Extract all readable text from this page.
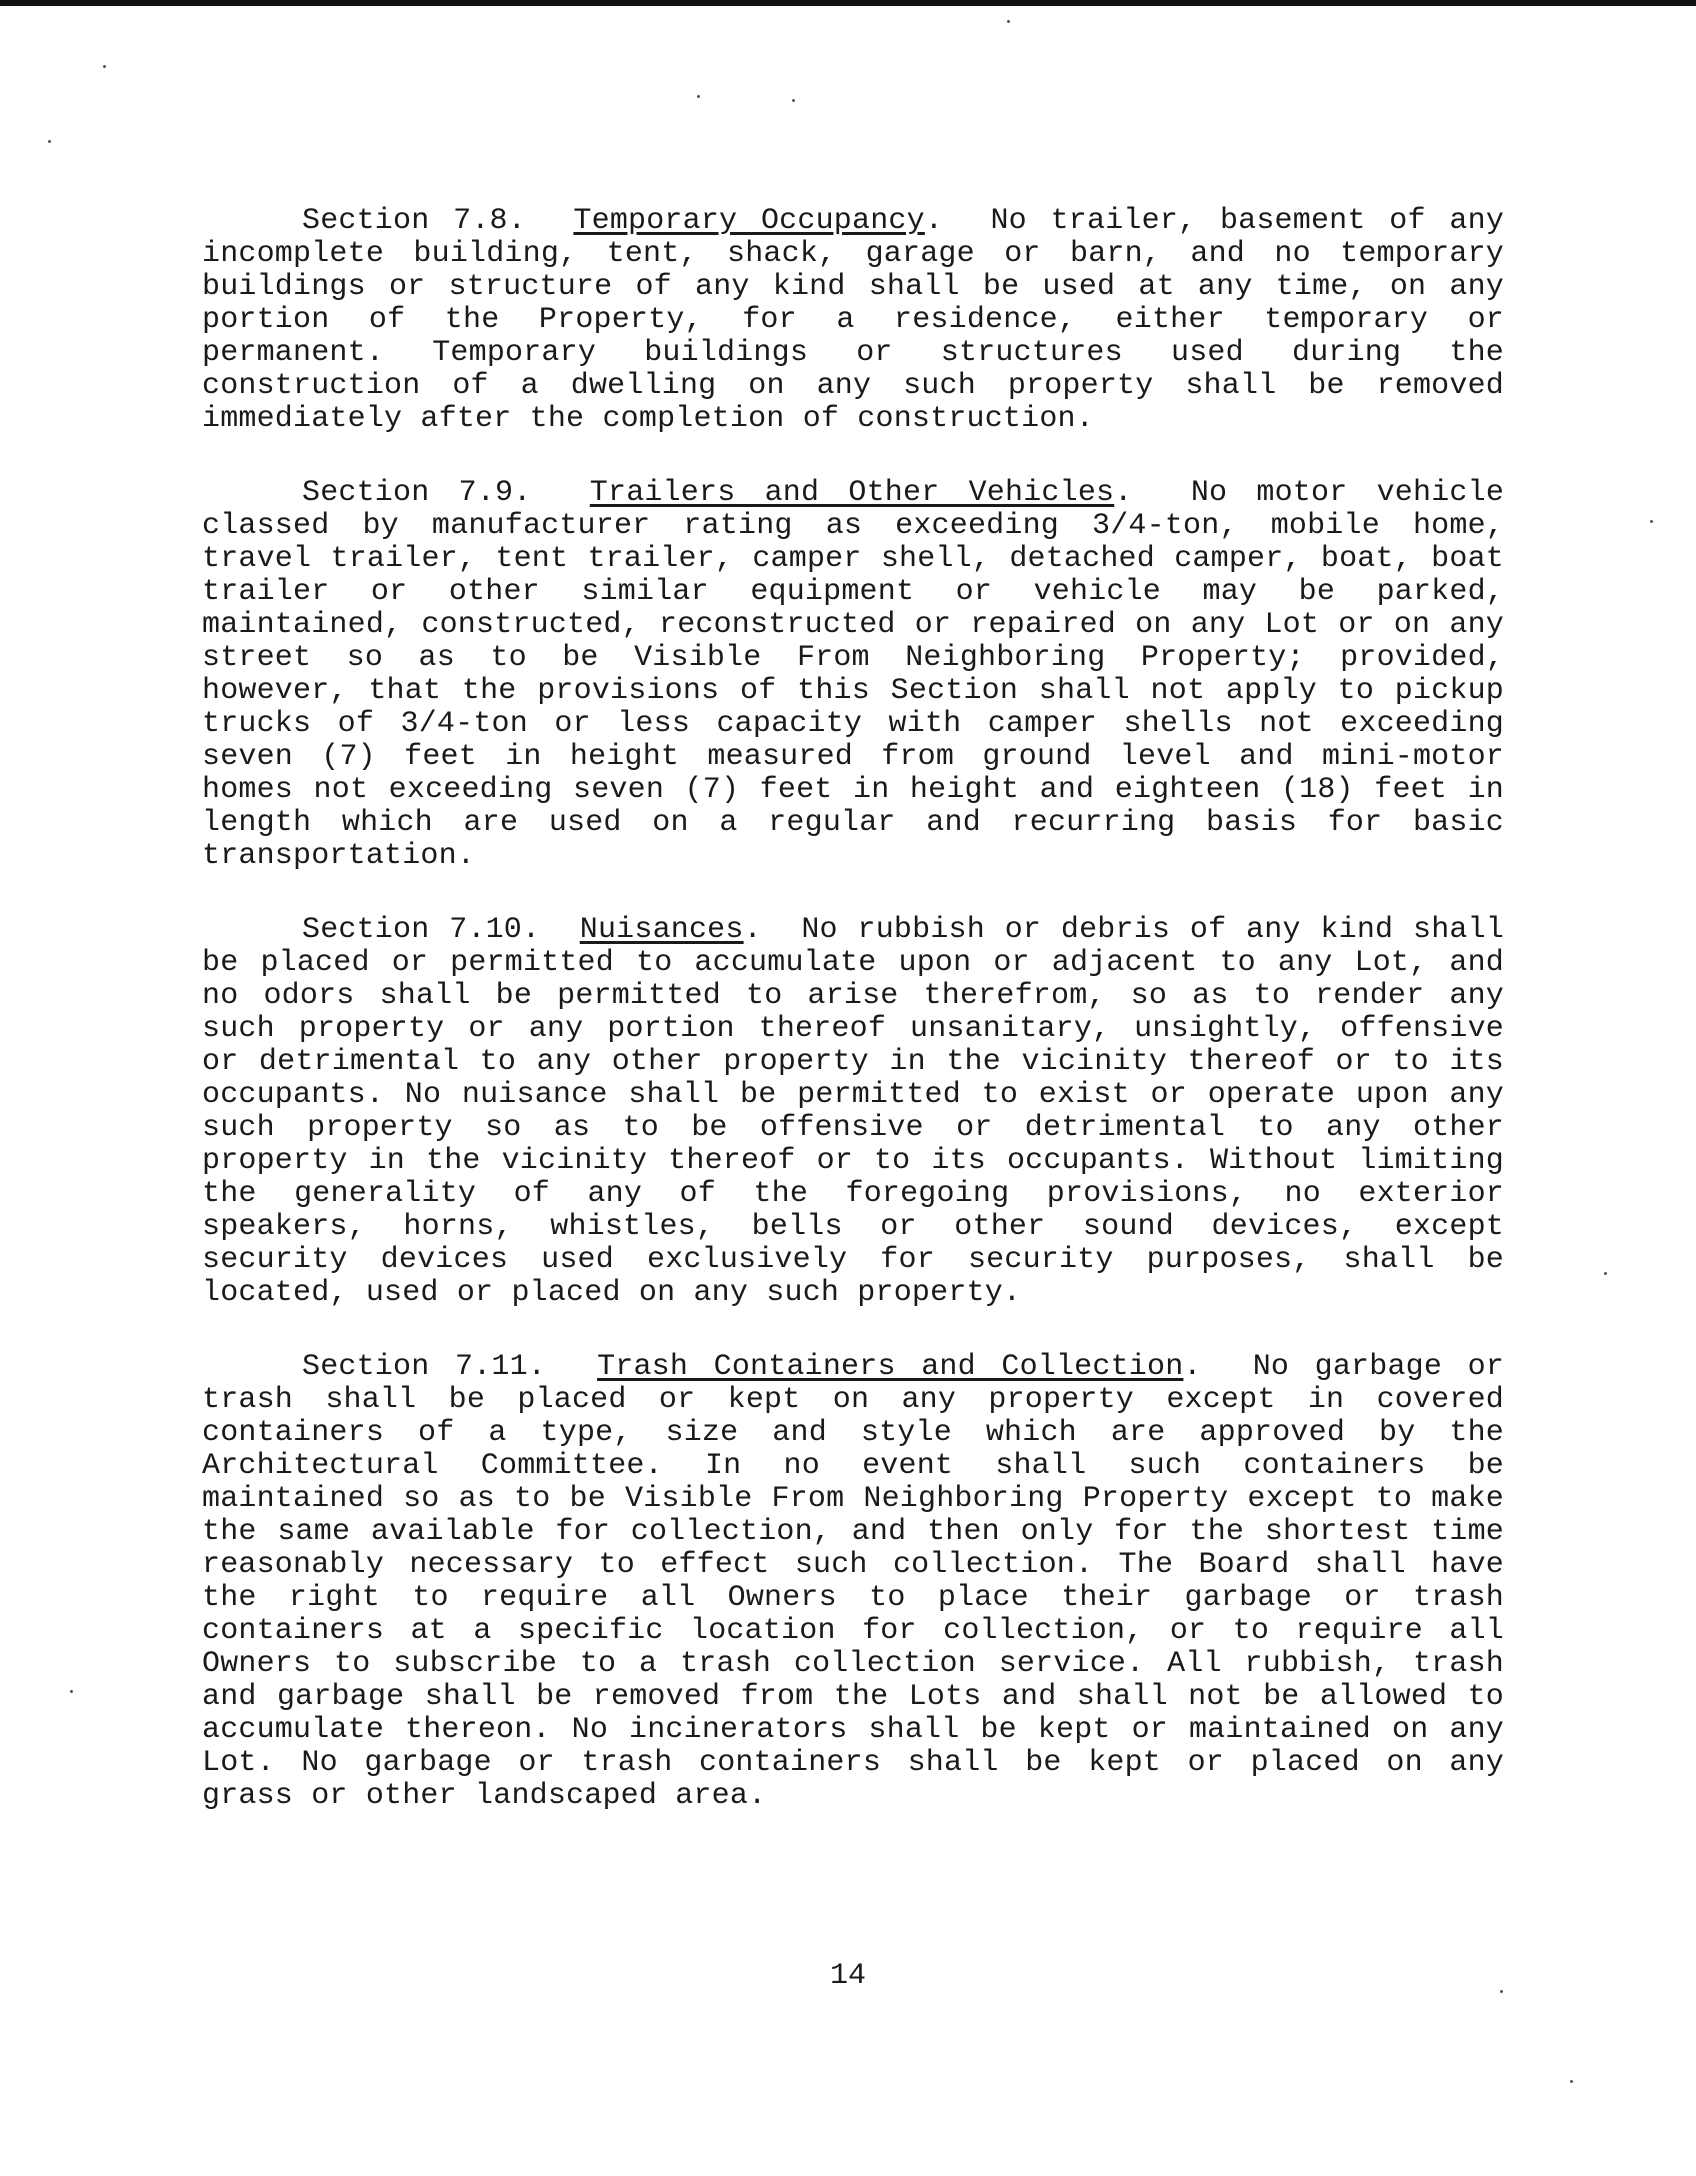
Section 7.8. Temporary Occupancy.  No trailer, basement of any incomplete building, tent, shack, garage or barn, and no temporary buildings or structure of any kind shall be used at any time, on any portion of the Property, for a residence, either temporary or permanent. Temporary buildings or structures used during the construction of a dwelling on any such property shall be removed immediately after the completion of construction.

Section 7.9. Trailers and Other Vehicles.  No motor vehicle classed by manufacturer rating as exceeding 3/4-ton, mobile home, travel trailer, tent trailer, camper shell, detached camper, boat, boat trailer or other similar equipment or vehicle may be parked, maintained, constructed, reconstructed or repaired on any Lot or on any street so as to be Visible From Neighboring Property; provided, however, that the provisions of this Section shall not apply to pickup trucks of 3/4-ton or less capacity with camper shells not exceeding seven (7) feet in height measured from ground level and mini-motor homes not exceeding seven (7) feet in height and eighteen (18) feet in length which are used on a regular and recurring basis for basic transportation.

Section 7.10. Nuisances.  No rubbish or debris of any kind shall be placed or permitted to accumulate upon or adjacent to any Lot, and no odors shall be permitted to arise therefrom, so as to render any such property or any portion thereof unsanitary, unsightly, offensive or detrimental to any other property in the vicinity thereof or to its occupants. No nuisance shall be permitted to exist or operate upon any such property so as to be offensive or detrimental to any other property in the vicinity thereof or to its occupants. Without limiting the generality of any of the foregoing provisions, no exterior speakers, horns, whistles, bells or other sound devices, except security devices used exclusively for security purposes, shall be located, used or placed on any such property.

Section 7.11. Trash Containers and Collection.  No garbage or trash shall be placed or kept on any property except in covered containers of a type, size and style which are approved by the Architectural Committee. In no event shall such containers be maintained so as to be Visible From Neighboring Property except to make the same available for collection, and then only for the shortest time reasonably necessary to effect such collection. The Board shall have the right to require all Owners to place their garbage or trash containers at a specific location for collection, or to require all Owners to subscribe to a trash collection service. All rubbish, trash and garbage shall be removed from the Lots and shall not be allowed to accumulate thereon. No incinerators shall be kept or maintained on any Lot. No garbage or trash containers shall be kept or placed on any grass or other landscaped area.

14
